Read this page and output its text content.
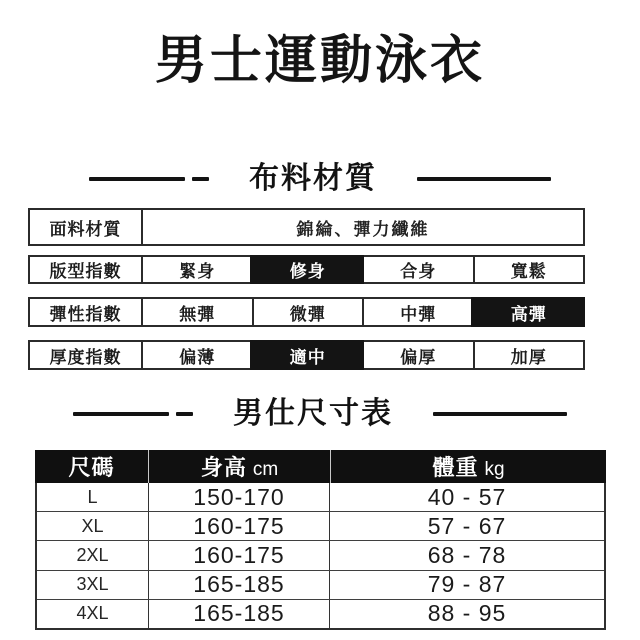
男士運動泳衣
布料材質
面料材質	錦綸、彈力纖維
版型指數	緊身	修身	合身	寬鬆
彈性指數	無彈	微彈	中彈	高彈
厚度指數	偏薄	適中	偏厚	加厚
男仕尺寸表
尺碼	身高 cm	體重 kg
L	150-170	40 - 57
XL	160-175	57 - 67
2XL	160-175	68 - 78
3XL	165-185	79 - 87
4XL	165-185	88 - 95
